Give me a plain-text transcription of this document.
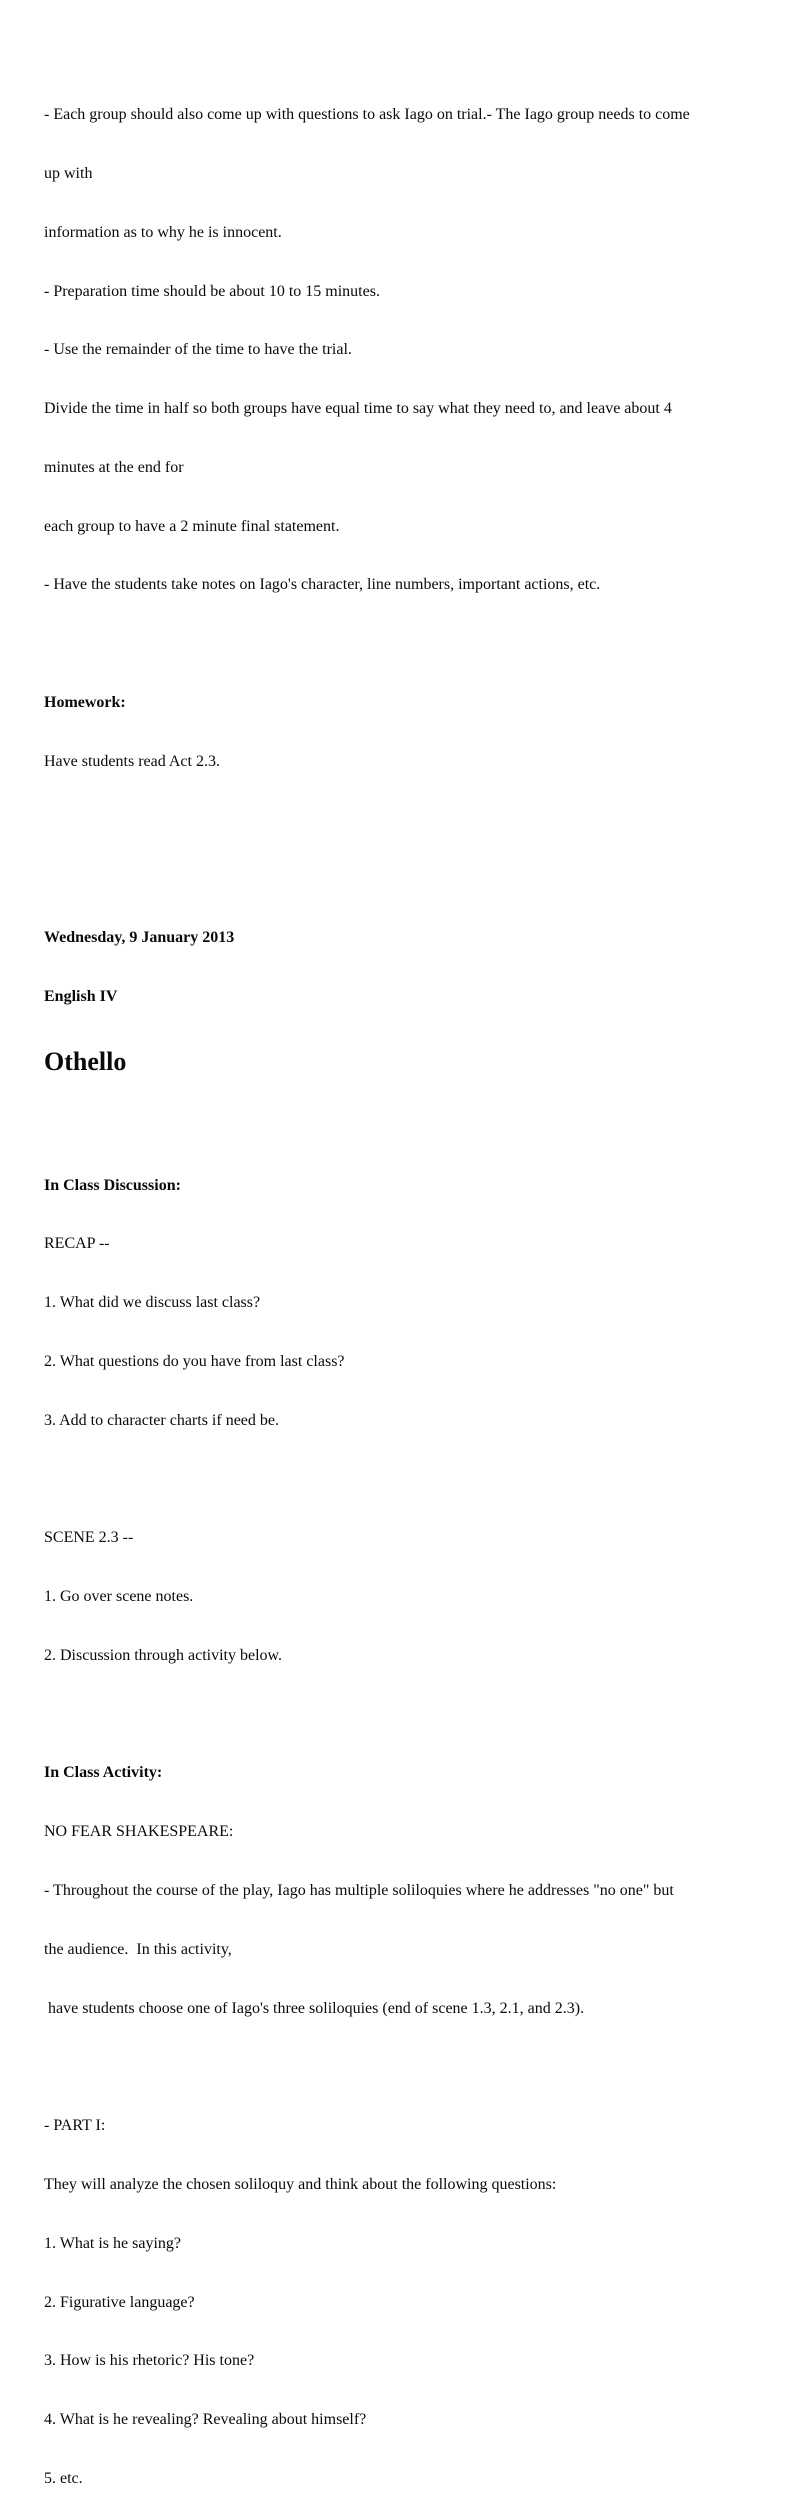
- Each group should also come up with questions to ask Iago on trial.- The Iago group needs to come

up with

information as to why he is innocent.

- Preparation time should be about 10 to 15 minutes.

- Use the remainder of the time to have the trial.

Divide the time in half so both groups have equal time to say what they need to, and leave about 4

minutes at the end for

each group to have a 2 minute final statement.

- Have the students take notes on Iago's character, line numbers, important actions, etc.

Homework:

Have students read Act 2.3.

Wednesday, 9 January 2013

English IV

Othello

In Class Discussion:

RECAP --

1. What did we discuss last class?

2. What questions do you have from last class?

3. Add to character charts if need be.

SCENE 2.3 --

1. Go over scene notes.

2. Discussion through activity below.

In Class Activity:

NO FEAR SHAKESPEARE:

- Throughout the course of the play, Iago has multiple soliloquies where he addresses "no one" but

the audience.  In this activity,

have students choose one of Iago's three soliloquies (end of scene 1.3, 2.1, and 2.3).

- PART I:

They will analyze the chosen soliloquy and think about the following questions:

1. What is he saying?

2. Figurative language?

3. How is his rhetoric? His tone?

4. What is he revealing? Revealing about himself?

5. etc.
